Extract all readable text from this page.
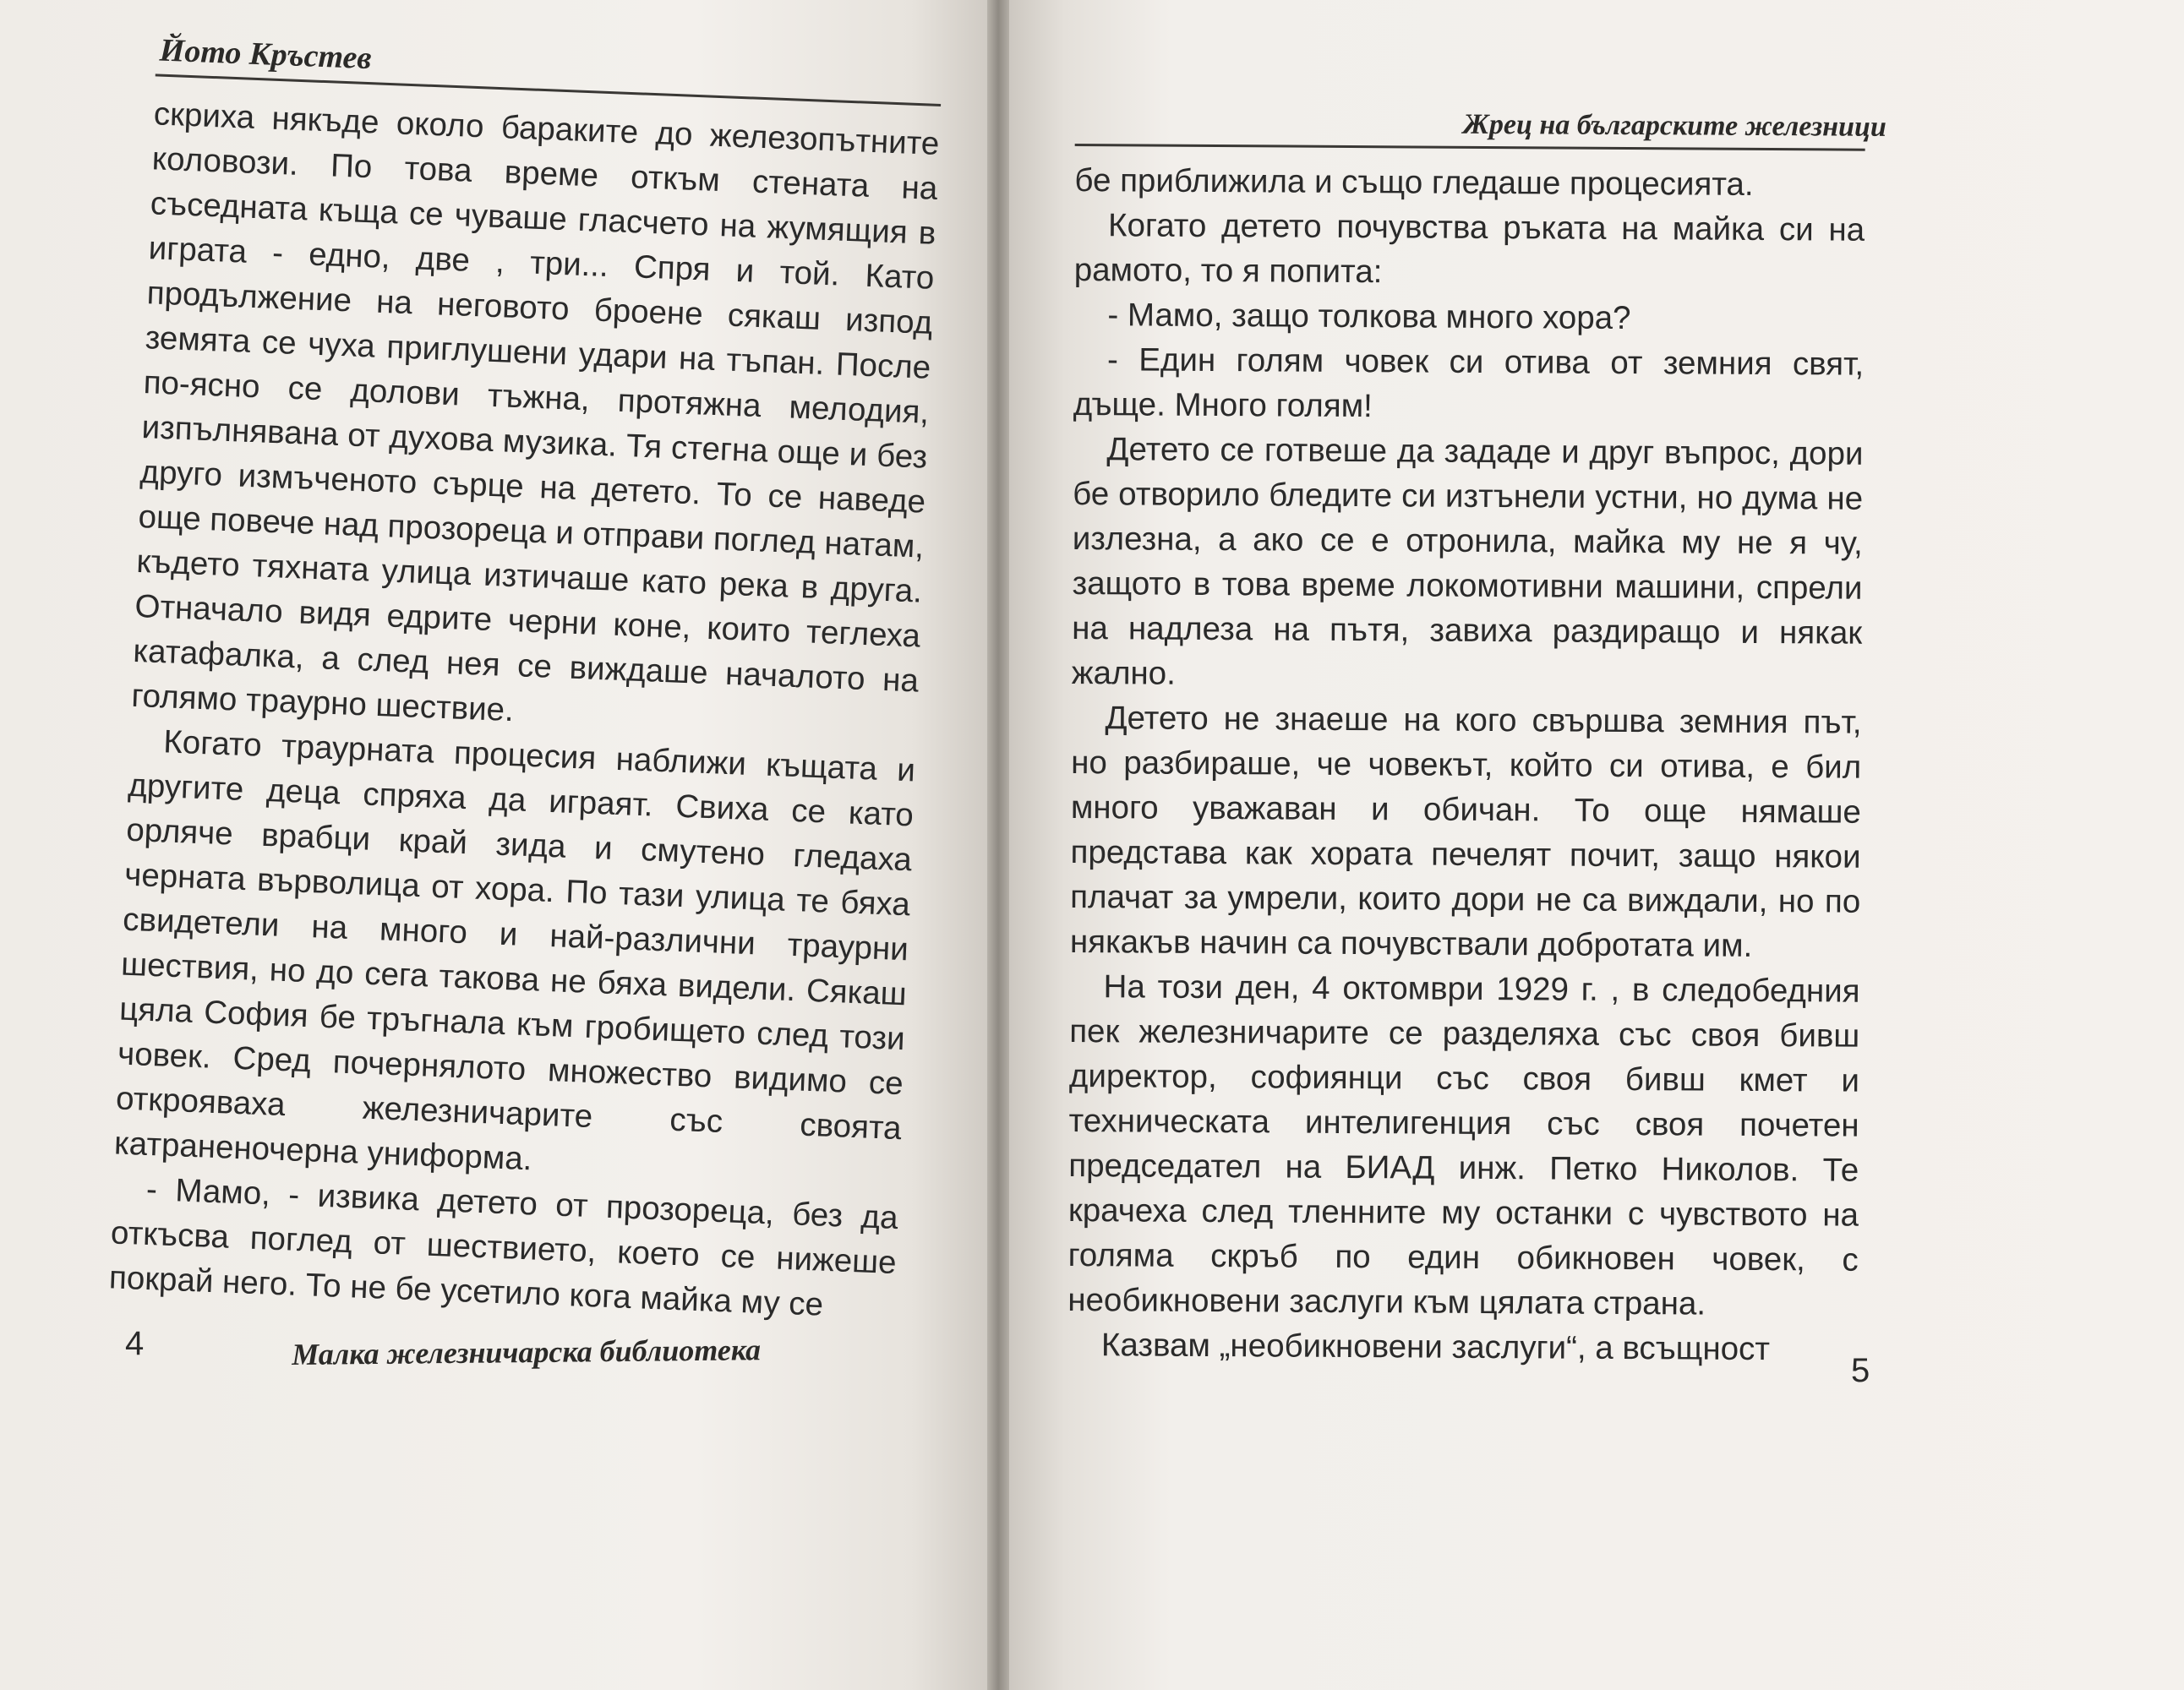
Йото Кръстев

скриха някъде около бараките до железопътните коловози. По това време откъм стената на съседната къща се чуваше гласчето на жумящия в играта - едно, две , три... Спря и той. Като продължение на неговото броене сякаш изпод земята се чуха приглушени удари на тъпан. После по-ясно се долови тъжна, протяжна мелодия, изпълнявана от духова музика. Тя стегна още и без друго измъченото сърце на детето. То се наведе още повече над прозореца и отправи поглед натам, където тяхната улица изтичаше като река в друга. Отначало видя едрите черни коне, които теглеха катафалка, а след нея се виждаше началото на голямо траурно шествие.

Когато траурната процесия наближи къщата и другите деца спряха да играят. Свиха се като орляче врабци край зида и смутено гледаха черната върволица от хора. По тази улица те бяха свидетели на много и най-различни траурни шествия, но до сега такова не бяха видели. Сякаш цяла София бе тръгнала към гробището след този човек. Сред почернялото множество видимо се открояваха железничарите със своята катраненочерна униформа.

- Мамо, - извика детето от прозореца, без да откъсва поглед от шествието, което се нижеше покрай него. То не бе усетило кога майка му се

4	Малка железничарска библиотека
Жрец на българските железници

бе приближила и също гледаше процесията.

Когато детето почувства ръката на майка си на рамото, то я попита:

- Мамо, защо толкова много хора?

- Един голям човек си отива от земния свят, дъще. Много голям!

Детето се готвеше да зададе и друг въпрос, дори бе отворило бледите си изтънели устни, но дума не излезна, а ако се е отронила, майка му не я чу, защото в това време локомотивни машини, спрели на надлеза на пътя, завиха раздиращо и някак жално.

Детето не знаеше на кого свършва земния път, но разбираше, че човекът, който си отива, е бил много уважаван и обичан. То още нямаше представа как хората печелят почит, защо някои плачат за умрели, които дори не са виждали, но по някакъв начин са почувствали добротата им.

На този ден, 4 октомври 1929 г. , в следобедния пек железничарите се разделяха със своя бивш директор, софиянци със своя бивш кмет и техническата интелигенция със своя почетен председател на БИАД инж. Петко Николов. Те крачеха след тленните му останки с чувството на голяма скръб по един обикновен човек, с необикновени заслуги към цялата страна.

Казвам „необикновени заслуги“, а всъщност

5
